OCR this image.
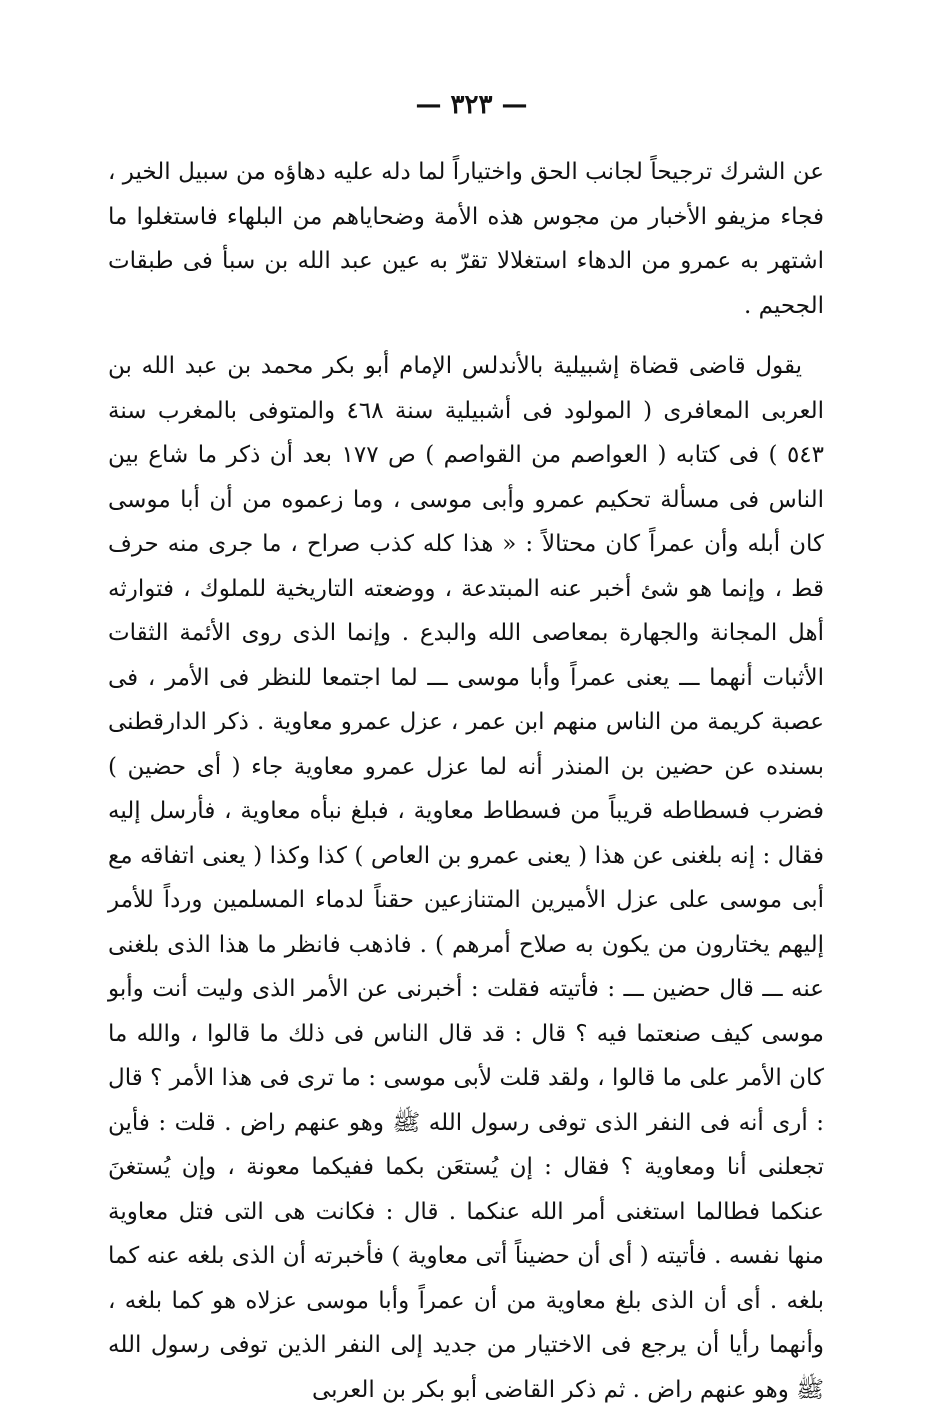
— ٣٢٣ —

عن الشرك ترجيحاً لجانب الحق واختياراً لما دله عليه دهاؤه من سبيل الخير ، فجاء مزيفو الأخبار من مجوس هذه الأمة وضحاياهم من البلهاء فاستغلوا ما اشتهر به عمرو من الدهاء استغلالا تقرّ به عين عبد الله بن سبأ فى طبقات الجحيم .

يقول قاضى قضاة إشبيلية بالأندلس الإمام أبو بكر محمد بن عبد الله بن العربى المعافرى ( المولود فى أشبيلية سنة ٤٦٨ والمتوفى بالمغرب سنة ٥٤٣ ) فى كتابه ( العواصم من القواصم ) ص ١٧٧ بعد أن ذكر ما شاع بين الناس فى مسألة تحكيم عمرو وأبى موسى ، وما زعموه من أن أبا موسى كان أبله وأن عمراً كان محتالاً : « هذا كله كذب صراح ، ما جرى منه حرف قط ، وإنما هو شئ أخبر عنه المبتدعة ، ووضعته التاريخية للملوك ، فتوارثه أهل المجانة والجهارة بمعاصى الله والبدع . وإنما الذى روى الأئمة الثقات الأثبات أنهما ـــ يعنى عمراً وأبا موسى ـــ لما اجتمعا للنظر فى الأمر ، فى عصبة كريمة من الناس منهم ابن عمر ، عزل عمرو معاوية . ذكر الدارقطنى بسنده عن حضين بن المنذر أنه لما عزل عمرو معاوية جاء ( أى حضين ) فضرب فسطاطه قريباً من فسطاط معاوية ، فبلغ نبأه معاوية ، فأرسل إليه فقال : إنه بلغنى عن هذا ( يعنى عمرو بن العاص ) كذا وكذا ( يعنى اتفاقه مع أبى موسى على عزل الأميرين المتنازعين حقناً لدماء المسلمين ورداً للأمر إليهم يختارون من يكون به صلاح أمرهم ) . فاذهب فانظر ما هذا الذى بلغنى عنه ـــ قال حضين ـــ : فأتيته فقلت : أخبرنى عن الأمر الذى وليت أنت وأبو موسى كيف صنعتما فيه ؟ قال : قد قال الناس فى ذلك ما قالوا ، والله ما كان الأمر على ما قالوا ، ولقد قلت لأبى موسى : ما ترى فى هذا الأمر ؟ قال : أرى أنه فى النفر الذى توفى رسول الله ﷺ وهو عنهم راض . قلت : فأين تجعلنى أنا ومعاوية ؟ فقال : إن يُستعَن بكما ففيكما معونة ، وإن يُستغنَ عنكما فطالما استغنى أمر الله عنكما . قال : فكانت هى التى فتل معاوية منها نفسه . فأتيته ( أى أن حضيناً أتى معاوية ) فأخبرته أن الذى بلغه عنه كما بلغه . أى أن الذى بلغ معاوية من أن عمراً وأبا موسى عزلاه هو كما بلغه ، وأنهما رأيا أن يرجع فى الاختيار من جديد إلى النفر الذين توفى رسول الله ﷺ وهو عنهم راض . ثم ذكر القاضى أبو بكر بن العربى
